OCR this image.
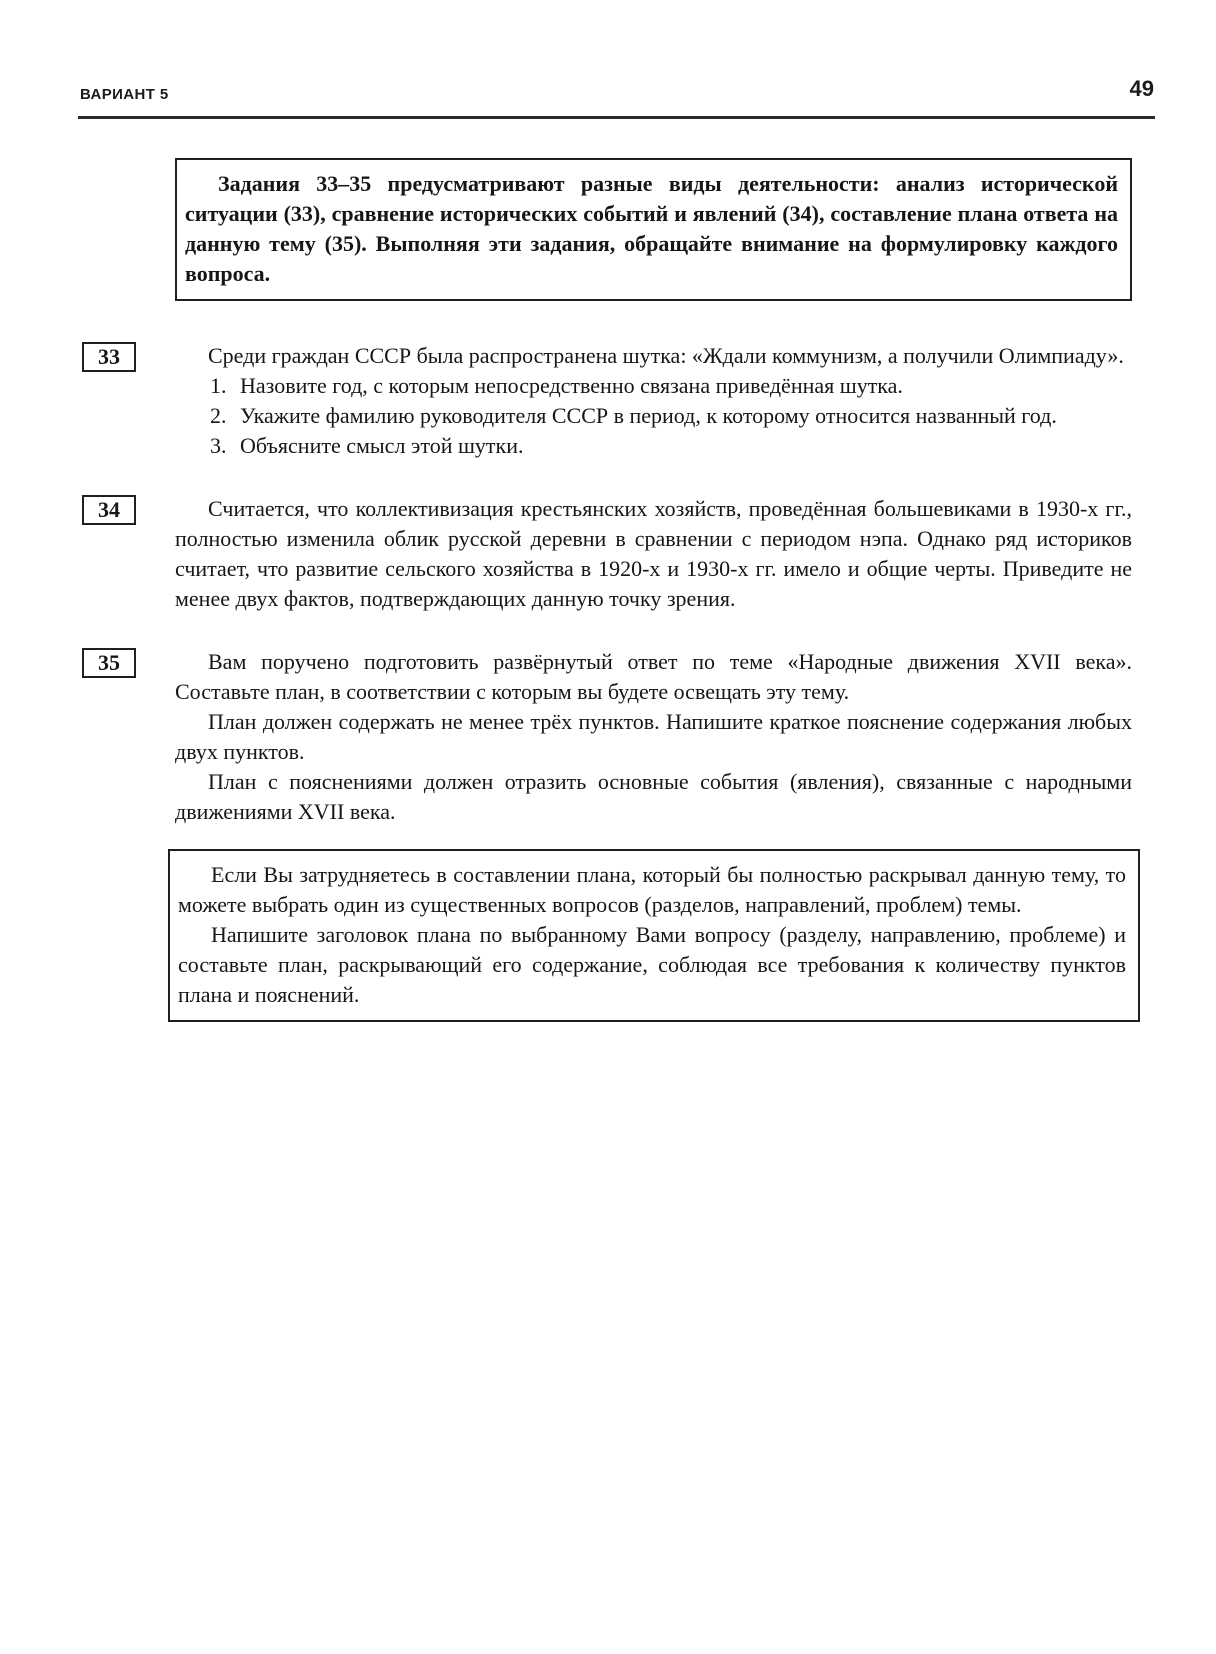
ВАРИАНТ 5	49

Задания 33–35 предусматривают разные виды деятельности: анализ исторической ситуации (33), сравнение исторических событий и явлений (34), составление плана ответа на данную тему (35). Выполняя эти задания, обращайте внимание на формулировку каждого вопроса.

33	Среди граждан СССР была распространена шутка: «Ждали коммунизм, а получили Олимпиаду».

1. Назовите год, с которым непосредственно связана приведённая шутка.
2. Укажите фамилию руководителя СССР в период, к которому относится названный год.
3. Объясните смысл этой шутки.
34	Считается, что коллективизация крестьянских хозяйств, проведённая большевиками в 1930-х гг., полностью изменила облик русской деревни в сравнении с периодом нэпа. Однако ряд историков считает, что развитие сельского хозяйства в 1920-х и 1930-х гг. имело и общие черты. Приведите не менее двух фактов, подтверждающих данную точку зрения.

35	Вам поручено подготовить развёрнутый ответ по теме «Народные движения XVII века». Составьте план, в соответствии с которым вы будете освещать эту тему.

План должен содержать не менее трёх пунктов. Напишите краткое пояснение содержания любых двух пунктов.

План с пояснениями должен отразить основные события (явления), связанные с народными движениями XVII века.

Если Вы затрудняетесь в составлении плана, который бы полностью раскрывал данную тему, то можете выбрать один из существенных вопросов (разделов, направлений, проблем) темы.

Напишите заголовок плана по выбранному Вами вопросу (разделу, направлению, проблеме) и составьте план, раскрывающий его содержание, соблюдая все требования к количеству пунктов плана и пояснений.
